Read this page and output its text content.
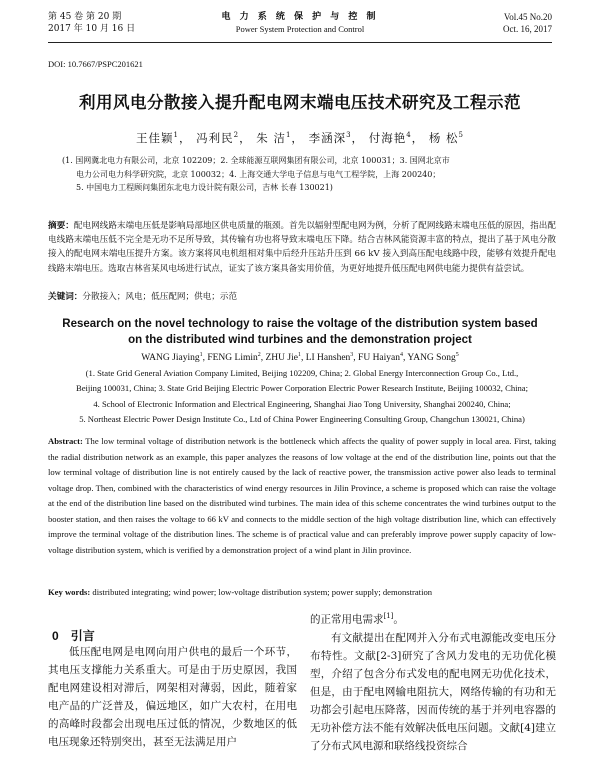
第 45 卷 第 20 期
2017 年 10 月 16 日
电 力 系 统 保 护 与 控 制
Power System Protection and Control
Vol.45 No.20
Oct. 16, 2017
DOI: 10.7667/PSPC201621
利用风电分散接入提升配电网末端电压技术研究及工程示范
王佳颖$^1$， 冯利民$^2$， 朱 洁$^1$， 李涵深$^3$， 付海艳$^4$， 杨 松$^5$
(1. 国网冀北电力有限公司，北京 102209；2. 全球能源互联网集团有限公司，北京 100031；3. 国网北京市
电力公司电力科学研究院，北京 100032；4. 上海交通大学电子信息与电气工程学院，上海 200240；
5. 中国电力工程顾问集团东北电力设计院有限公司，吉林 长春 130021)
摘要：配电网线路末端电压低是影响局部地区供电质量的瓶颈。首先以辐射型配电网为例，分析了配网线路末端电压低的原因，指出配电线路末端电压低不完全是无功不足所导致，其传输有功也将导致末端电压下降。结合吉林风能资源丰富的特点，提出了基于风电分散接入的配电网末端电压提升方案。该方案将风电机组相对集中后经升压站升压到 66 kV 接入到高压配电线路中段，能够有效提升配电线路末端电压。选取吉林省某风电场进行试点，证实了该方案具备实用价值，为更好地提升低压配电网供电能力提供有益尝试。
关键词：分散接入；风电；低压配网；供电；示范
Research on the novel technology to raise the voltage of the distribution system based on the distributed wind turbines and the demonstration project
WANG Jiaying$^1$, FENG Limin$^2$, ZHU Jie$^1$, LI Hanshen$^3$, FU Haiyan$^4$, YANG Song$^5$
(1. State Grid General Aviation Company Limited, Beijing 102209, China; 2. Global Energy Interconnection Group Co., Ltd.,
Beijing 100031, China; 3. State Grid Beijing Electric Power Corporation Electric Power Research Institute, Beijing 100032, China;
4. School of Electronic Information and Electrical Engineering, Shanghai Jiao Tong University, Shanghai 200240, China;
5. Northeast Electric Power Design Institute Co., Ltd of China Power Engineering Consulting Group, Changchun 130021, China)
Abstract: The low terminal voltage of distribution network is the bottleneck which affects the quality of power supply in local area. First, taking the radial distribution network as an example, this paper analyzes the reasons of low voltage at the end of the distribution line, points out that the low terminal voltage of distribution line is not entirely caused by the lack of reactive power, the transmission active power also leads to terminal voltage drop. Then, combined with the characteristics of wind energy resources in Jilin Province, a scheme is proposed which can raise the voltage at the end of the distribution line based on the distributed wind turbines. The main idea of this scheme concentrates the wind turbines output to the booster station, and then raises the voltage to 66 kV and connects to the middle section of the high voltage distribution line, which can effectively improve the terminal voltage of the distribution lines. The scheme is of practical value and can preferably improve power supply capacity of low-voltage distribution system, which is verified by a demonstration project of a wind plant in Jilin province.
Key words: distributed integrating; wind power; low-voltage distribution system; power supply; demonstration
0 引言

低压配电网是电网向用户供电的最后一个环节，其电压支撑能力关系重大。可是由于历史原因，我国配电网建设相对滞后，网架相对薄弱，因此，随着家电产品的广泛普及，偏远地区，如广大农村，在用电的高峰时段都会出现电压过低的情况，少数地区的低电压现象还特别突出，甚至无法满足用户

的正常用电需求[1]。

有文献提出在配网并入分布式电源能改变电压分布特性。文献[2-3]研究了含风力发电的无功优化模型，介绍了包含分布式发电的配电网无功优化技术，但是，由于配电网输电阻抗大，网络传输的有功和无功都会引起电压降落，因而传统的基于并列电容器的无功补偿方法不能有效解决低电压问题。文献[4]建立了分布式风电源和联络线投资综合
